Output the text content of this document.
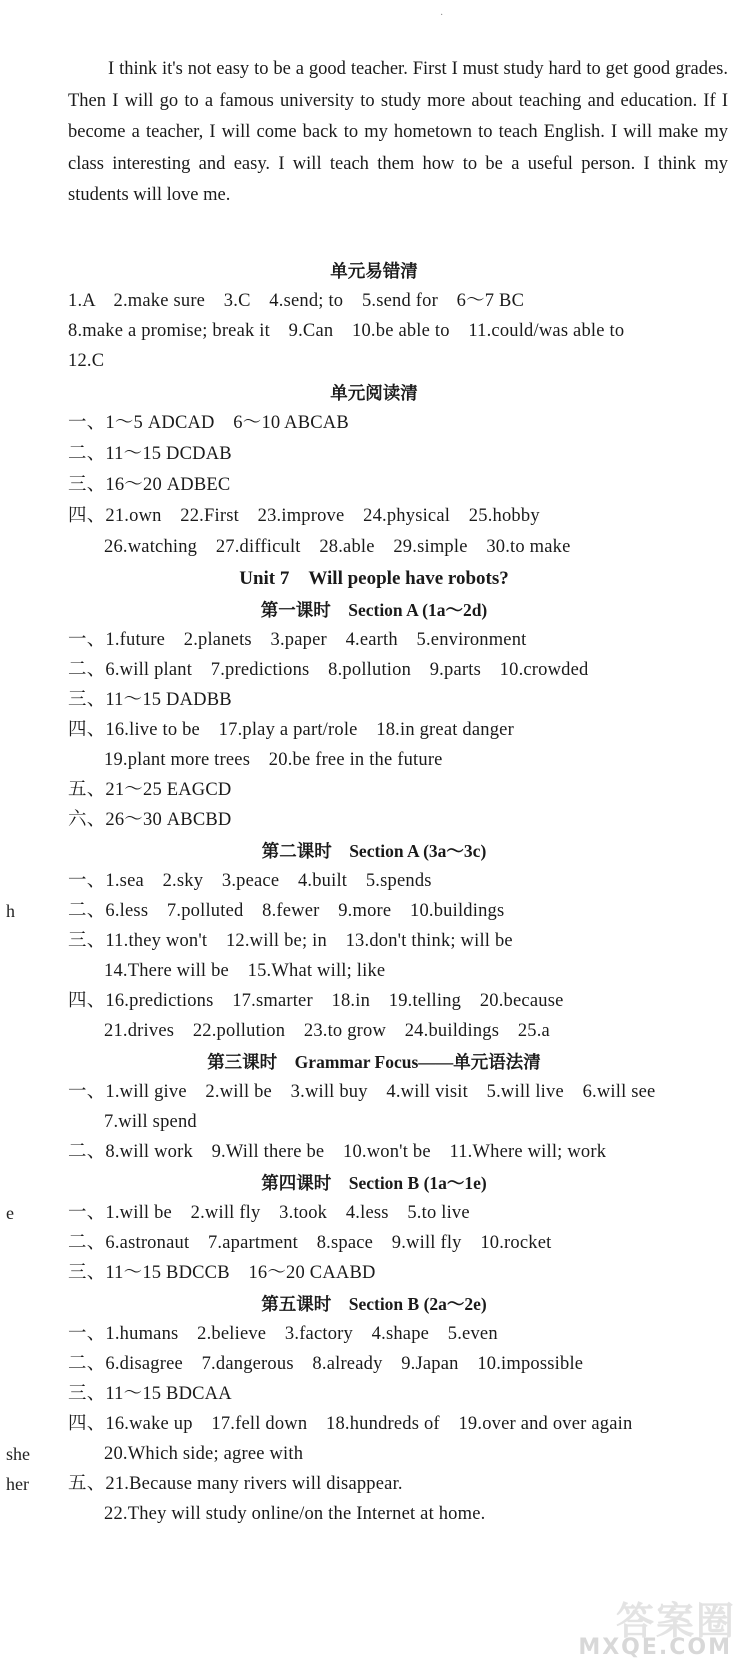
·
I think it's not easy to be a good teacher. First I must study hard to get good grades. Then I will go to a famous university to study more about teaching and education. If I become a teacher, I will come back to my hometown to teach English. I will make my class interesting and easy. I will teach them how to be a useful person. I think my students will love me.
单元易错清
1.A　2.make sure　3.C　4.send; to　5.send for　6～7 BC
8.make a promise; break it　9.Can　10.be able to　11.could/was able to
12.C
单元阅读清
一、1～5 ADCAD　6～10 ABCAB
二、11～15 DCDAB
三、16～20 ADBEC
四、21.own　22.First　23.improve　24.physical　25.hobby
26.watching　27.difficult　28.able　29.simple　30.to make
Unit 7　Will people have robots?
第一课时　Section A (1a～2d)
一、1.future　2.planets　3.paper　4.earth　5.environment
二、6.will plant　7.predictions　8.pollution　9.parts　10.crowded
三、11～15 DADBB
四、16.live to be　17.play a part/role　18.in great danger
19.plant more trees　20.be free in the future
五、21～25 EAGCD
六、26～30 ABCBD
第二课时　Section A (3a～3c)
一、1.sea　2.sky　3.peace　4.built　5.spends
二、6.less　7.polluted　8.fewer　9.more　10.buildings
三、11.they won't　12.will be; in　13.don't think; will be
14.There will be　15.What will; like
四、16.predictions　17.smarter　18.in　19.telling　20.because
21.drives　22.pollution　23.to grow　24.buildings　25.a
第三课时　Grammar Focus——单元语法清
一、1.will give　2.will be　3.will buy　4.will visit　5.will live　6.will see
7.will spend
二、8.will work　9.Will there be　10.won't be　11.Where will; work
第四课时　Section B (1a～1e)
一、1.will be　2.will fly　3.took　4.less　5.to live
二、6.astronaut　7.apartment　8.space　9.will fly　10.rocket
三、11～15 BDCCB　16～20 CAABD
第五课时　Section B (2a～2e)
一、1.humans　2.believe　3.factory　4.shape　5.even
二、6.disagree　7.dangerous　8.already　9.Japan　10.impossible
三、11～15 BDCAA
四、16.wake up　17.fell down　18.hundreds of　19.over and over again
20.Which side; agree with
五、21.Because many rivers will disappear.
22.They will study online/on the Internet at home.
h
e
she
her
答案圈
MXQE.COM
